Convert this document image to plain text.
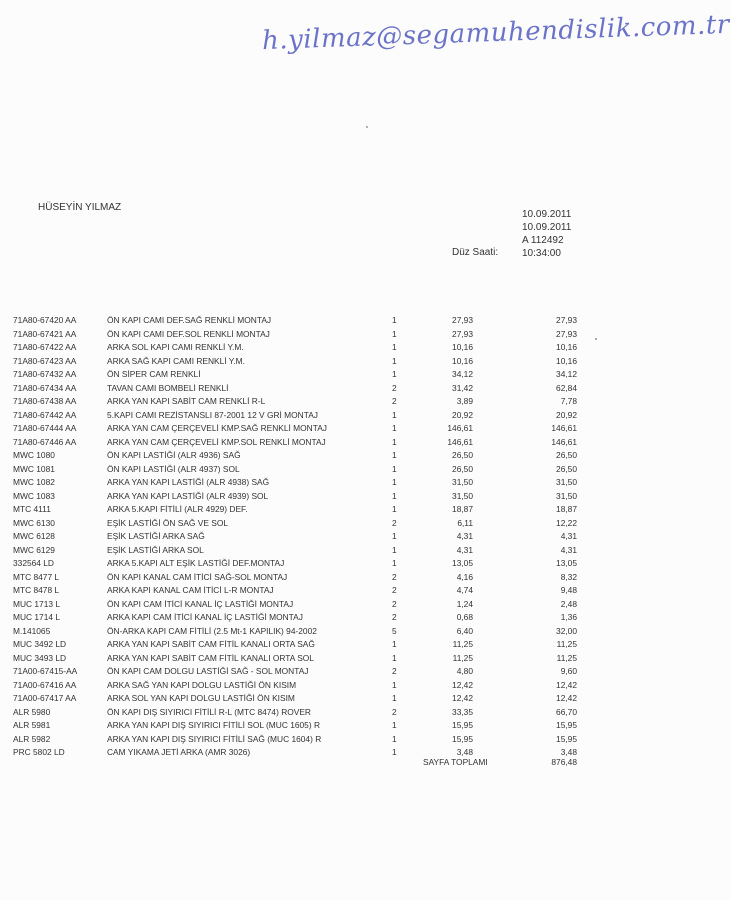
h.yilmaz@segamuhendislik.com.tr
HÜSEYİN YILMAZ
10.09.2011
10.09.2011
A 112492
10:34:00
Düz Saati:
71A80-67420 AA	ÖN KAPI CAMI DEF.SAĞ RENKLİ MONTAJ	1	27,93	27,93
71A80-67421 AA	ÖN KAPI CAMI DEF.SOL RENKLİ MONTAJ	1	27,93	27,93
71A80-67422 AA	ARKA SOL KAPI CAMI RENKLİ Y.M.	1	10,16	10,16
71A80-67423 AA	ARKA SAĞ KAPI CAMI RENKLİ Y.M.	1	10,16	10,16
71A80-67432 AA	ÖN SİPER CAM RENKLİ	1	34,12	34,12
71A80-67434 AA	TAVAN CAMI BOMBELİ RENKLİ	2	31,42	62,84
71A80-67438 AA	ARKA YAN KAPI SABİT CAM RENKLİ R-L	2	3,89	7,78
71A80-67442 AA	5.KAPI CAMI REZİSTANSLI 87-2001 12 V GRİ MONTAJ	1	20,92	20,92
71A80-67444 AA	ARKA YAN CAM ÇERÇEVELİ KMP.SAĞ RENKLİ MONTAJ	1	146,61	146,61
71A80-67446 AA	ARKA YAN CAM ÇERÇEVELİ KMP.SOL RENKLİ MONTAJ	1	146,61	146,61
MWC 1080	ÖN KAPI LASTİĞİ (ALR 4936) SAĞ	1	26,50	26,50
MWC 1081	ÖN KAPI LASTİĞİ (ALR 4937) SOL	1	26,50	26,50
MWC 1082	ARKA YAN KAPI LASTİĞİ (ALR 4938) SAĞ	1	31,50	31,50
MWC 1083	ARKA YAN KAPI LASTİĞİ (ALR 4939) SOL	1	31,50	31,50
MTC 4111	ARKA 5.KAPI FİTİLİ (ALR 4929) DEF.	1	18,87	18,87
MWC 6130	EŞİK LASTİĞİ ÖN SAĞ VE SOL	2	6,11	12,22
MWC 6128	EŞİK LASTİĞİ ARKA SAĞ	1	4,31	4,31
MWC 6129	EŞİK LASTİĞİ ARKA SOL	1	4,31	4,31
332564 LD	ARKA 5.KAPI ALT EŞİK LASTİĞİ DEF.MONTAJ	1	13,05	13,05
MTC 8477 L	ÖN KAPI KANAL CAM İTİCİ SAĞ-SOL MONTAJ	2	4,16	8,32
MTC 8478 L	ARKA KAPI KANAL CAM İTİCİ L-R MONTAJ	2	4,74	9,48
MUC 1713 L	ÖN KAPI CAM İTİCİ KANAL İÇ LASTİĞİ MONTAJ	2	1,24	2,48
MUC 1714 L	ARKA KAPI CAM İTİCİ KANAL İÇ LASTİĞİ MONTAJ	2	0,68	1,36
M.141065	ÖN-ARKA KAPI CAM FİTİLİ (2.5 Mt-1 KAPILIK) 94-2002	5	6,40	32,00
MUC 3492 LD	ARKA YAN KAPI SABİT CAM FİTİL KANALI ORTA SAĞ	1	11,25	11,25
MUC 3493 LD	ARKA YAN KAPI SABİT CAM FİTİL KANALI ORTA SOL	1	11,25	11,25
71A00-67415-AA	ÖN KAPI CAM DOLGU LASTİĞİ SAĞ - SOL MONTAJ	2	4,80	9,60
71A00-67416 AA	ARKA SAĞ YAN KAPI DOLGU LASTİĞİ ÖN KISIM	1	12,42	12,42
71A00-67417 AA	ARKA SOL YAN KAPI DOLGU LASTİĞİ ÖN KISIM	1	12,42	12,42
ALR 5980	ÖN KAPI DIŞ SIYIRICI FİTİLİ R-L (MTC 8474) ROVER	2	33,35	66,70
ALR 5981	ARKA YAN KAPI DIŞ SIYIRICI FİTİLİ SOL (MUC 1605) R	1	15,95	15,95
ALR 5982	ARKA YAN KAPI DIŞ SIYIRICI FİTİLİ SAĞ (MUC 1604) R	1	15,95	15,95
PRC 5802 LD	CAM YIKAMA JETİ ARKA (AMR 3026)	1	3,48	3,48
SAYFA TOPLAMI	876,48
